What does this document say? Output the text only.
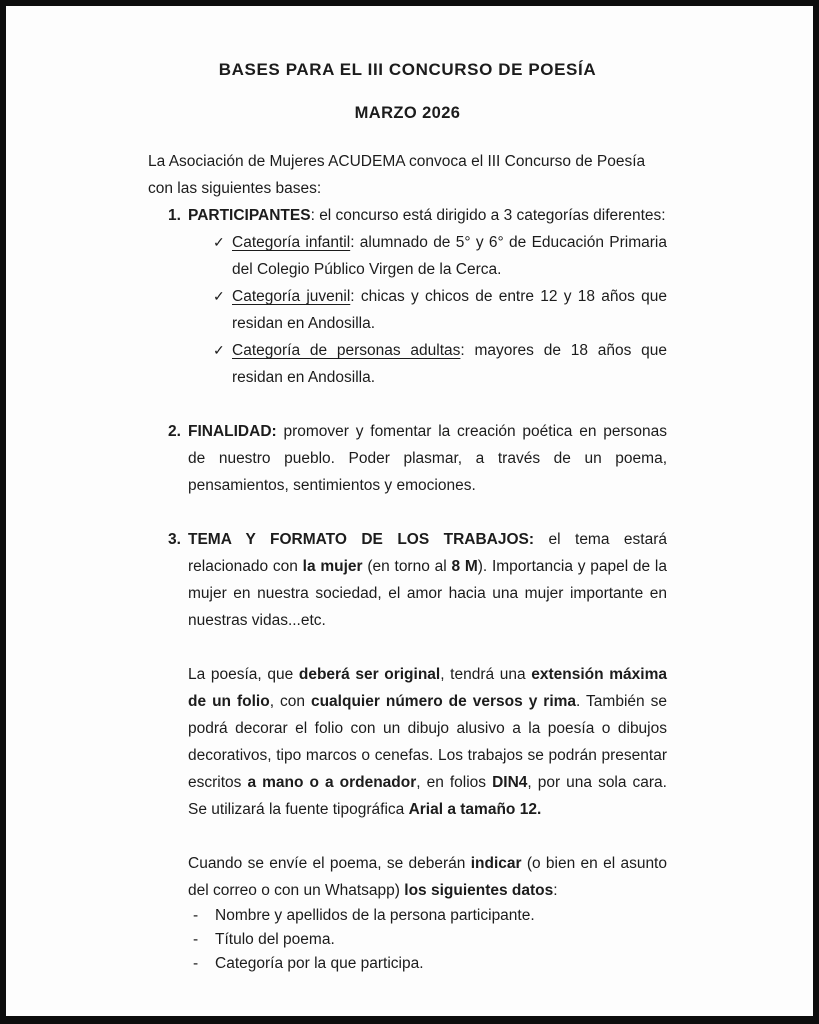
BASES PARA EL III CONCURSO DE POESÍA
MARZO 2026
La Asociación de Mujeres ACUDEMA convoca el III Concurso de Poesía con las siguientes bases:
1. PARTICIPANTES: el concurso está dirigido a 3 categorías diferentes:
✓ Categoría infantil: alumnado de 5° y 6° de Educación Primaria del Colegio Público Virgen de la Cerca.
✓ Categoría juvenil: chicas y chicos de entre 12 y 18 años que residan en Andosilla.
✓ Categoría de personas adultas: mayores de 18 años que residan en Andosilla.
2. FINALIDAD: promover y fomentar la creación poética en personas de nuestro pueblo. Poder plasmar, a través de un poema, pensamientos, sentimientos y emociones.
3. TEMA Y FORMATO DE LOS TRABAJOS: el tema estará relacionado con la mujer (en torno al 8 M). Importancia y papel de la mujer en nuestra sociedad, el amor hacia una mujer importante en nuestras vidas...etc.
La poesía, que deberá ser original, tendrá una extensión máxima de un folio, con cualquier número de versos y rima. También se podrá decorar el folio con un dibujo alusivo a la poesía o dibujos decorativos, tipo marcos o cenefas. Los trabajos se podrán presentar escritos a mano o a ordenador, en folios DIN4, por una sola cara. Se utilizará la fuente tipográfica Arial a tamaño 12.
Cuando se envíe el poema, se deberán indicar (o bien en el asunto del correo o con un Whatsapp) los siguientes datos:
-	Nombre y apellidos de la persona participante.
-	Título del poema.
-	Categoría por la que participa.
